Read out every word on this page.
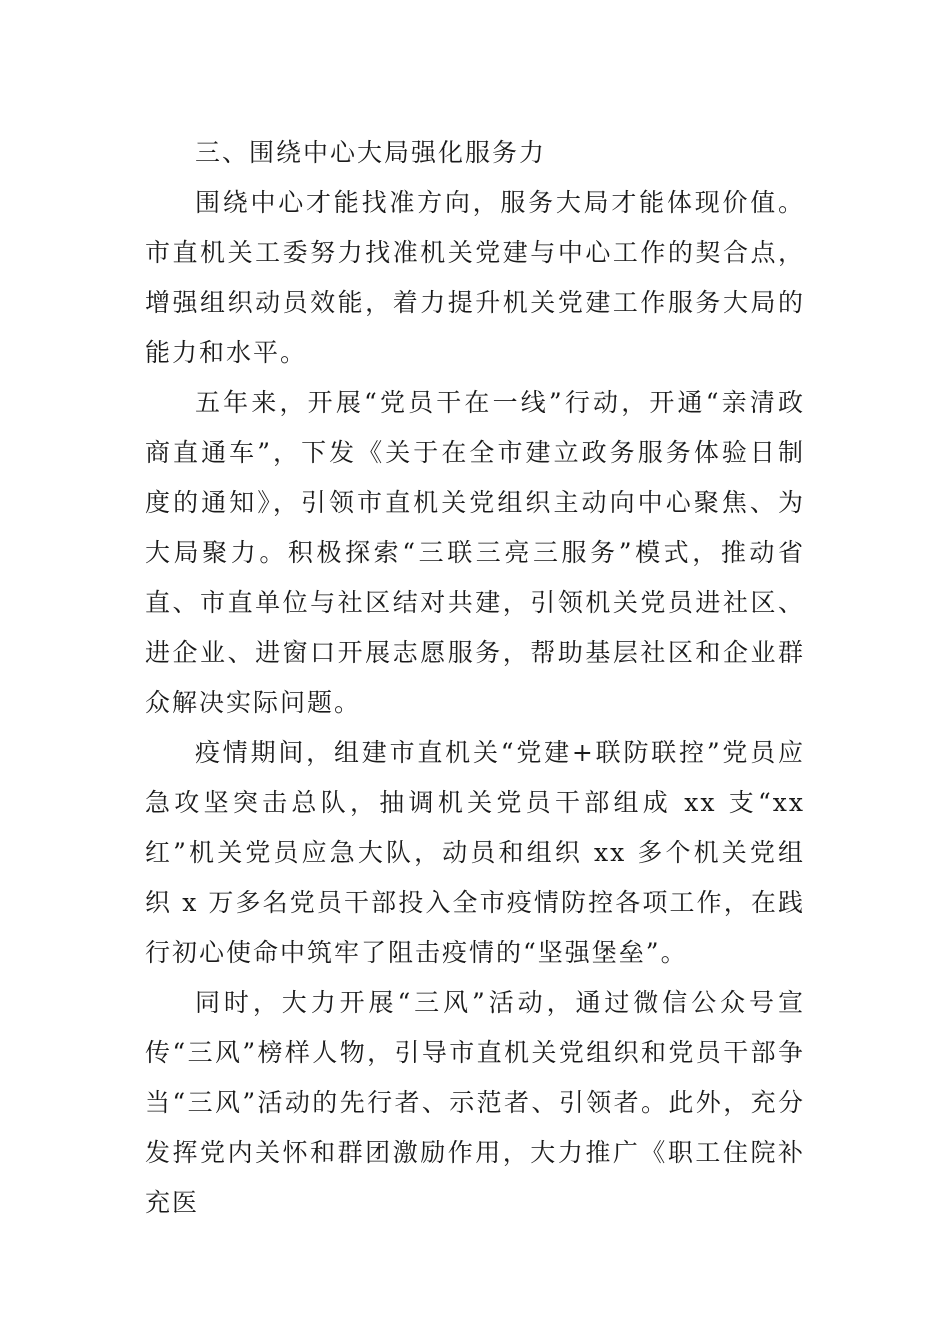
三、围绕中心大局强化服务力

围绕中心才能找准方向，服务大局才能体现价值。市直机关工委努力找准机关党建与中心工作的契合点，增强组织动员效能，着力提升机关党建工作服务大局的能力和水平。

五年来，开展“党员干在一线”行动，开通“亲清政商直通车”，下发《关于在全市建立政务服务体验日制度的通知》，引领市直机关党组织主动向中心聚焦、为大局聚力。积极探索“三联三亮三服务”模式，推动省直、市直单位与社区结对共建，引领机关党员进社区、进企业、进窗口开展志愿服务，帮助基层社区和企业群众解决实际问题。

疫情期间，组建市直机关“党建+联防联控”党员应急攻坚突击总队，抽调机关党员干部组成 xx 支“xx 红”机关党员应急大队，动员和组织 xx 多个机关党组织 x 万多名党员干部投入全市疫情防控各项工作，在践行初心使命中筑牢了阻击疫情的“坚强堡垒”。

同时，大力开展“三风”活动，通过微信公众号宣传“三风”榜样人物，引导市直机关党组织和党员干部争当“三风”活动的先行者、示范者、引领者。此外，充分发挥党内关怀和群团激励作用，大力推广《职工住院补充医
